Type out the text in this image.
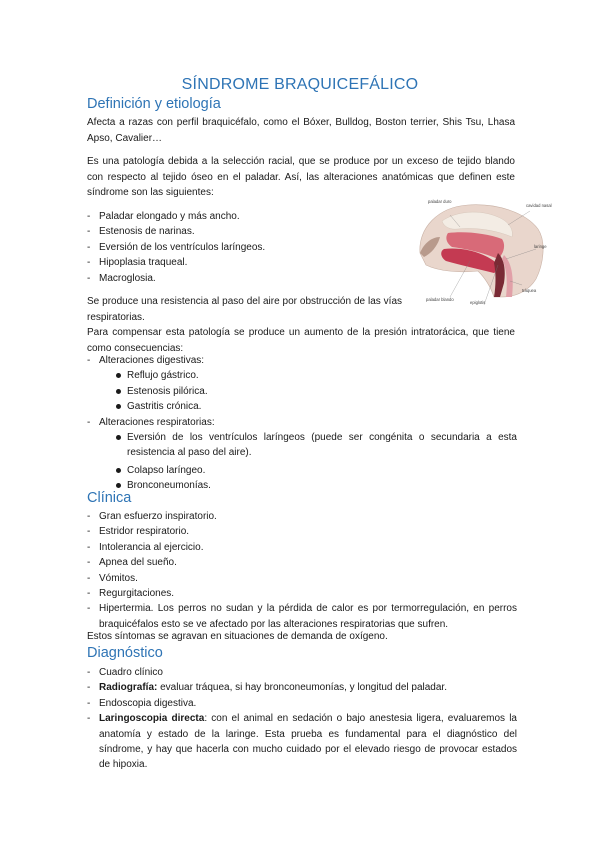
SÍNDROME BRAQUICEFÁLICO
Definición y etiología
Afecta a razas con perfil braquicéfalo, como el Bóxer, Bulldog, Boston terrier, Shis Tsu, Lhasa Apso, Cavalier…
Es una patología debida a la selección racial, que se produce por un exceso de tejido blando con respecto al tejido óseo en el paladar. Así, las alteraciones anatómicas que definen este síndrome son las siguientes:
- Paladar elongado y más ancho.
- Estenosis de narinas.
- Eversión de los ventrículos laríngeos.
- Hipoplasia traqueal.
- Macroglosia.
paladar duro
cavidad nasal
laringe
tráquea
paladar blando
epiglotis
Se produce una resistencia al paso del aire por obstrucción de las vías respiratorias.
Para compensar esta patología se produce un aumento de la presión intratorácica, que tiene como consecuencias:
- Alteraciones digestivas:
Reflujo gástrico.
Estenosis pilórica.
Gastritis crónica.
- Alteraciones respiratorias:
Eversión de los ventrículos laríngeos (puede ser congénita o secundaria a esta resistencia al paso del aire).
Colapso laríngeo.
Bronconeumonías.
Clínica
- Gran esfuerzo inspiratorio.
- Estridor respiratorio.
- Intolerancia al ejercicio.
- Apnea del sueño.
- Vómitos.
- Regurgitaciones.
- Hipertermia. Los perros no sudan y la pérdida de calor es por termorregulación, en perros braquicéfalos esto se ve afectado por las alteraciones respiratorias que sufren.
Estos síntomas se agravan en situaciones de demanda de oxígeno.
Diagnóstico
- Cuadro clínico
- Radiografía: evaluar tráquea, si hay bronconeumonías, y longitud del paladar.
- Endoscopia digestiva.
- Laringoscopia directa: con el animal en sedación o bajo anestesia ligera, evaluaremos la anatomía y estado de la laringe. Esta prueba es fundamental para el diagnóstico del síndrome, y hay que hacerla con mucho cuidado por el elevado riesgo de provocar estados de hipoxia.
